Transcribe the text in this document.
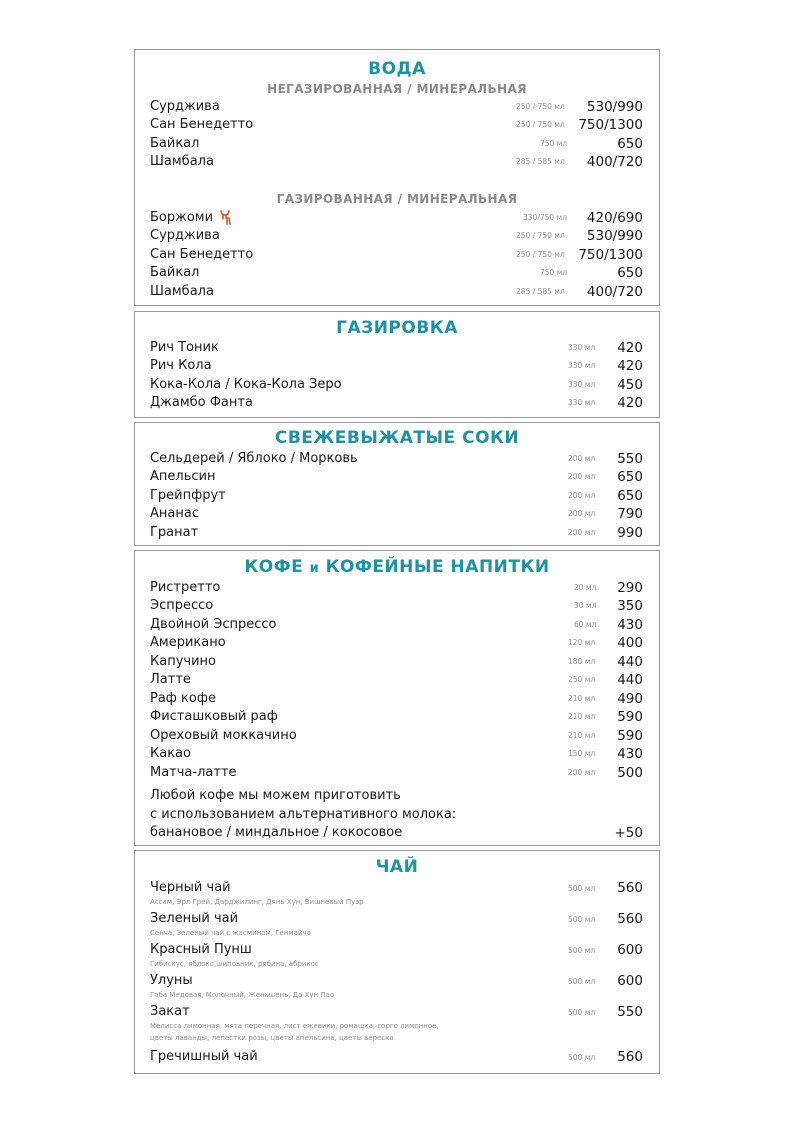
ВОДА
НЕГАЗИРОВАННАЯ / МИНЕРАЛЬНАЯ
Сурджива	250 / 750 мл 530/990
Сан Бенедетто	250 / 750 мл 750/1300
Байкал	750 мл	650
Шамбала	285 / 585 мл 400/720
ГАЗИРОВАННАЯ / МИНЕРАЛЬНАЯ
Боржоми	330/750 мл 420/690
Сурджива	250 / 750 мл 530/990
Сан Бенедетто	250 / 750 мл 750/1300
Байкал	750 мл	650
Шамбала	285 / 585 мл 400/720
ГАЗИРОВКА
Рич Тоник	330 мл 420
Рич Кола	330 мл 420
Кока-Кола / Кока-Кола Зеро	330 мл 450
Джамбо Фанта	330 мл 420
СВЕЖЕВЫЖАТЫЕ СОКИ
Сельдерей / Яблоко / Морковь	200 мл 550
Апельсин	200 мл 650
Грейпфрут	200 мл 650
Ананас	200 мл 790
Гранат	200 мл 990
КОФЕ и КОФЕЙНЫЕ НАПИТКИ
Ристретто	20 мл 290
Эспрессо	30 мл 350
Двойной Эспрессо	60 мл 430
Американо	120 мл 400
Капучино	180 мл 440
Латте	250 мл 440
Раф кофе	210 мл 490
Фисташковый раф	210 мл 590
Ореховый моккачино	210 мл 590
Какао	150 мл 430
Матча-латте	200 мл 500
Любой кофе мы можем приготовить
с использованием альтернативного молока:
банановое / миндальное / кокосовое	+50
ЧАЙ
Черный чай	500 мл 560
Ассам, Эрл Грей, Дарджилинг, Дянь Хун, Вишневый Пуэр
Зеленый чай	500 мл 560
Сенча, Зеленый чай с жасмином, Генмайча
Красный Пунш	500 мл 600
Гибискус, яблоко,шиповник, рябина, абрикос
Улуны	500 мл 600
Габа Медовая, Молочный, Женьшень, Да Хун Пао
Закат	500 мл 550
Мелисса лимонная, мята перечная, лист ежевики, ромашка, сорго лимонное,
цветы лаванды, лепестки розы, цветы апельсина, цветы вереска
Гречишный чай	500 мл 560
